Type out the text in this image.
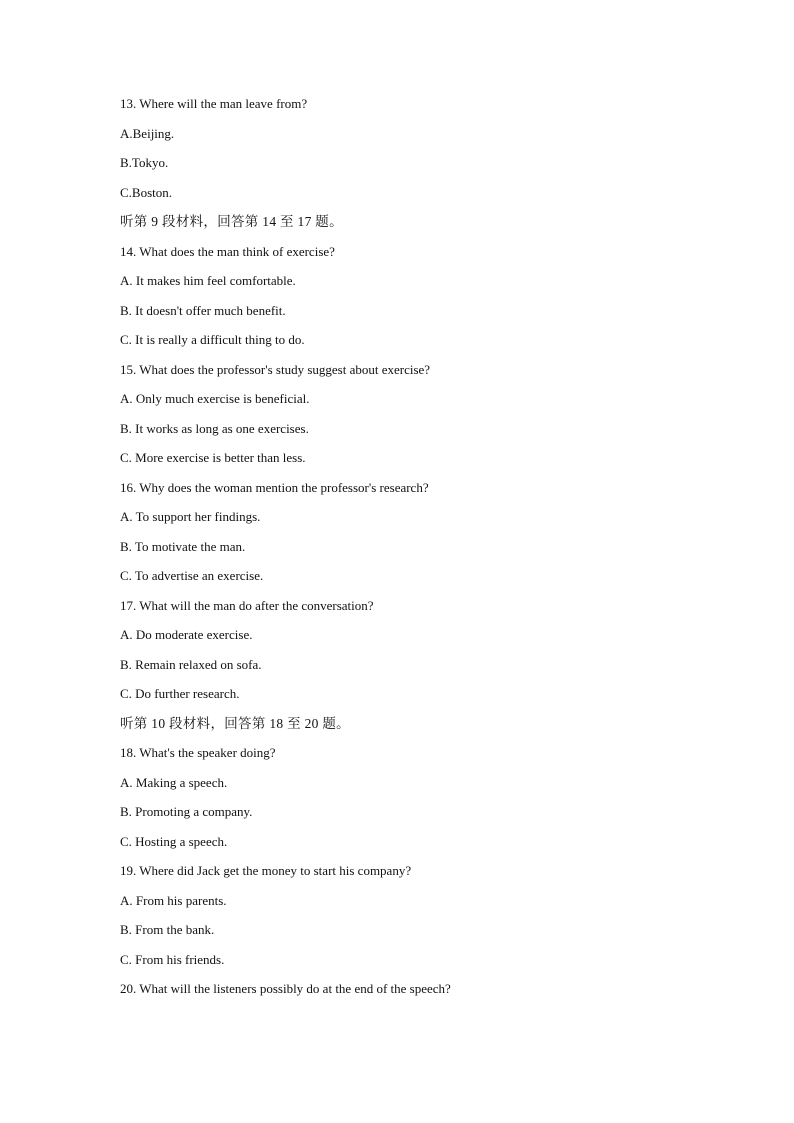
13. Where will the man leave from?
A.Beijing.
B.Tokyo.
C.Boston.
听第 9 段材料，回答第 14 至 17 题。
14. What does the man think of exercise?
A. It makes him feel comfortable.
B. It doesn't offer much benefit.
C. It is really a difficult thing to do.
15. What does the professor's study suggest about exercise?
A. Only much exercise is beneficial.
B. It works as long as one exercises.
C. More exercise is better than less.
16. Why does the woman mention the professor's research?
A. To support her findings.
B. To motivate the man.
C. To advertise an exercise.
17. What will the man do after the conversation?
A. Do moderate exercise.
B. Remain relaxed on sofa.
C. Do further research.
听第 10 段材料，回答第 18 至 20 题。
18. What's the speaker doing?
A. Making a speech.
B. Promoting a company.
C. Hosting a speech.
19. Where did Jack get the money to start his company?
A. From his parents.
B. From the bank.
C. From his friends.
20. What will the listeners possibly do at the end of the speech?
